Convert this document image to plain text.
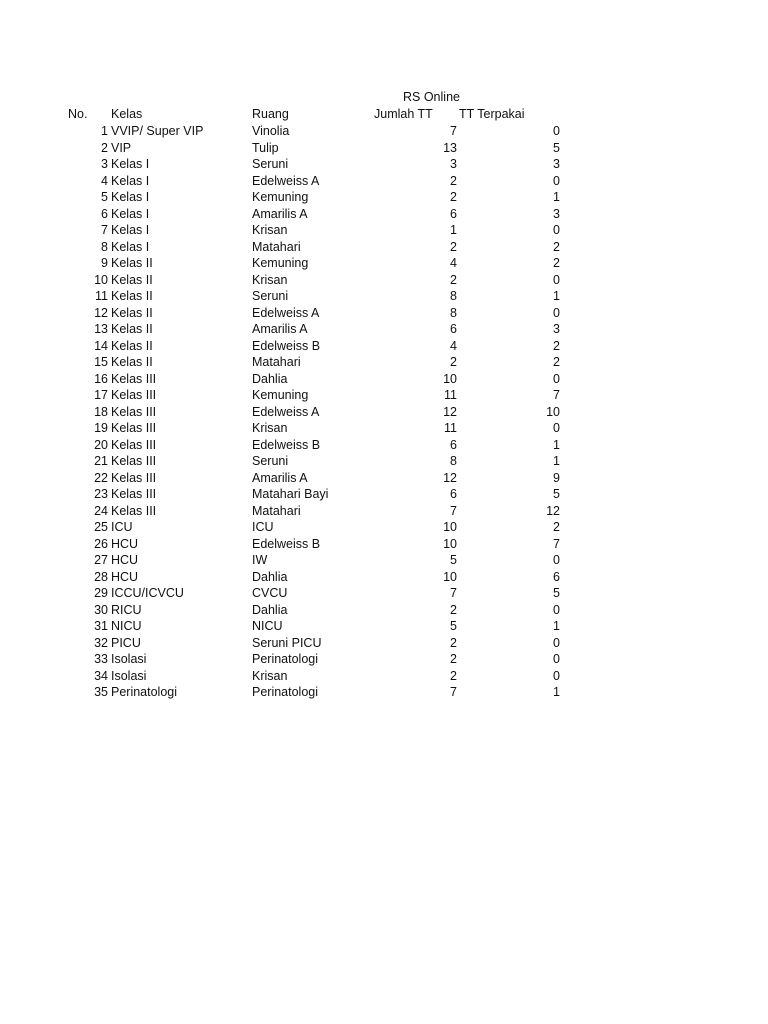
RS Online
No. Kelas	Ruang	Jumlah TT TT Terpakai
1 VVIP/ Super VIP	Vinolia	7	0
2 VIP	Tulip	13	5
3 Kelas I	Seruni	3	3
4 Kelas I	Edelweiss A	2	0
5 Kelas I	Kemuning	2	1
6 Kelas I	Amarilis A	6	3
7 Kelas I	Krisan	1	0
8 Kelas I	Matahari	2	2
9 Kelas II	Kemuning	4	2
10 Kelas II	Krisan	2	0
11 Kelas II	Seruni	8	1
12 Kelas II	Edelweiss A	8	0
13 Kelas II	Amarilis A	6	3
14 Kelas II	Edelweiss B	4	2
15 Kelas II	Matahari	2	2
16 Kelas III	Dahlia	10	0
17 Kelas III	Kemuning	11	7
18 Kelas III	Edelweiss A	12	10
19 Kelas III	Krisan	11	0
20 Kelas III	Edelweiss B	6	1
21 Kelas III	Seruni	8	1
22 Kelas III	Amarilis A	12	9
23 Kelas III	Matahari Bayi	6	5
24 Kelas III	Matahari	7	12
25 ICU	ICU	10	2
26 HCU	Edelweiss B	10	7
27 HCU	IW	5	0
28 HCU	Dahlia	10	6
29 ICCU/ICVCU	CVCU	7	5
30 RICU	Dahlia	2	0
31 NICU	NICU	5	1
32 PICU	Seruni PICU	2	0
33 Isolasi	Perinatologi	2	0
34 Isolasi	Krisan	2	0
35 Perinatologi	Perinatologi	7	1
